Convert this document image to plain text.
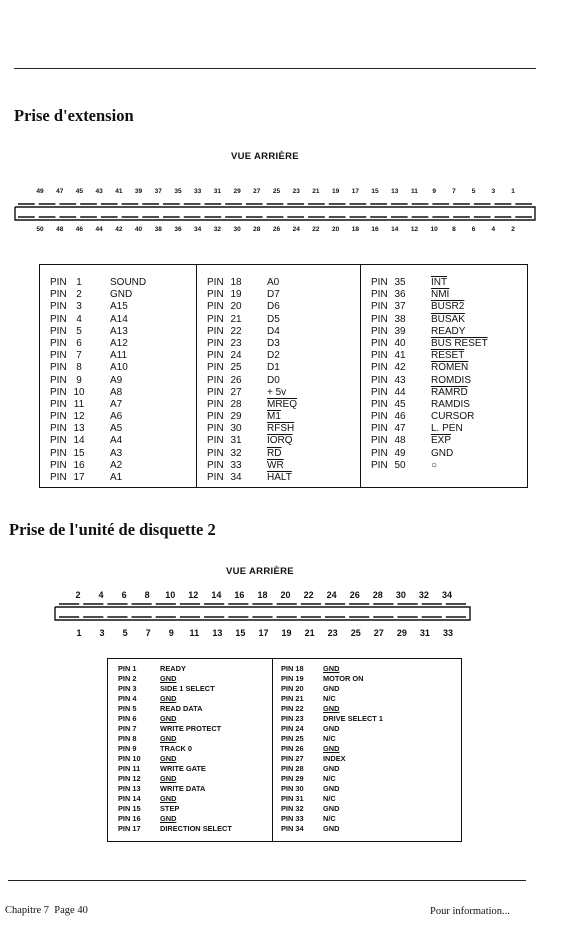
Prise d'extension
VUE ARRIÈRE
49 47 45 43 41 39 37 35 33 31 29 27 25 23 21 19 17 15 13 11 9 7 5 3 1
50 48 46 44 42 40 38 36 34 32 30 28 26 24 22 20 18 16 14 12 10 8 6 4 2
PIN 1	SOUND
PIN 2	GND
PIN 3	A15
PIN 4	A14
PIN 5	A13
PIN 6	A12
PIN 7	A11
PIN 8	A10
PIN 9	A9
PIN 10	A8
PIN 11	A7
PIN 12	A6
PIN 13	A5
PIN 14	A4
PIN 15	A3
PIN 16	A2
PIN 17	A1
PIN 18	A0
PIN 19	D7
PIN 20	D6
PIN 21	D5
PIN 22	D4
PIN 23	D3
PIN 24	D2
PIN 25	D1
PIN 26	D0
PIN 27	+ 5v
PIN 28	MREQ
PIN 29	M1
PIN 30	RFSH
PIN 31	IORQ
PIN 32	$\overline{RD}$
PIN 33	$\overline{WR}$
PIN 34	HALT
PIN 35	$\overline{INT}$
PIN 36	$\overline{NMI}$
PIN 37	BUSR2
PIN 38	BUSAK
PIN 39	READY
PIN 40	BUS RESET
PIN 41	RESET
PIN 42	ROMEN
PIN 43	ROMDIS
PIN 44	RAMRD
PIN 45	RAMDIS
PIN 46	CURSOR
PIN 47	L. PEN
PIN 48	$\overline{EXP}$
PIN 49	GND
PIN 50	○
Prise de l'unité de disquette 2
VUE ARRIÈRE
2 4 6 8 10 12 14 16 18 20 22 24 26 28 30 32 34
1 3 5 7 9 11 13 15 17 19 21 23 25 27 29 31 33
PIN 1	READY
PIN 2	GND
PIN 3	SIDE 1 SELECT
PIN 4	GND
PIN 5	READ DATA
PIN 6	GND
PIN 7	WRITE PROTECT
PIN 8	GND
PIN 9	TRACK 0
PIN 10	GND
PIN 11	WRITE GATE
PIN 12	GND
PIN 13	WRITE DATA
PIN 14	GND
PIN 15	STEP
PIN 16	GND
PIN 17	DIRECTION SELECT
PIN 18	GND
PIN 19	MOTOR ON
PIN 20	GND
PIN 21	N/C
PIN 22	GND
PIN 23	DRIVE SELECT 1
PIN 24	GND
PIN 25	N/C
PIN 26	GND
PIN 27	INDEX
PIN 28	GND
PIN 29	N/C
PIN 30	GND
PIN 31	N/C
PIN 32	GND
PIN 33	N/C
PIN 34	GND
Chapitre 7 Page 40	Pour information...
